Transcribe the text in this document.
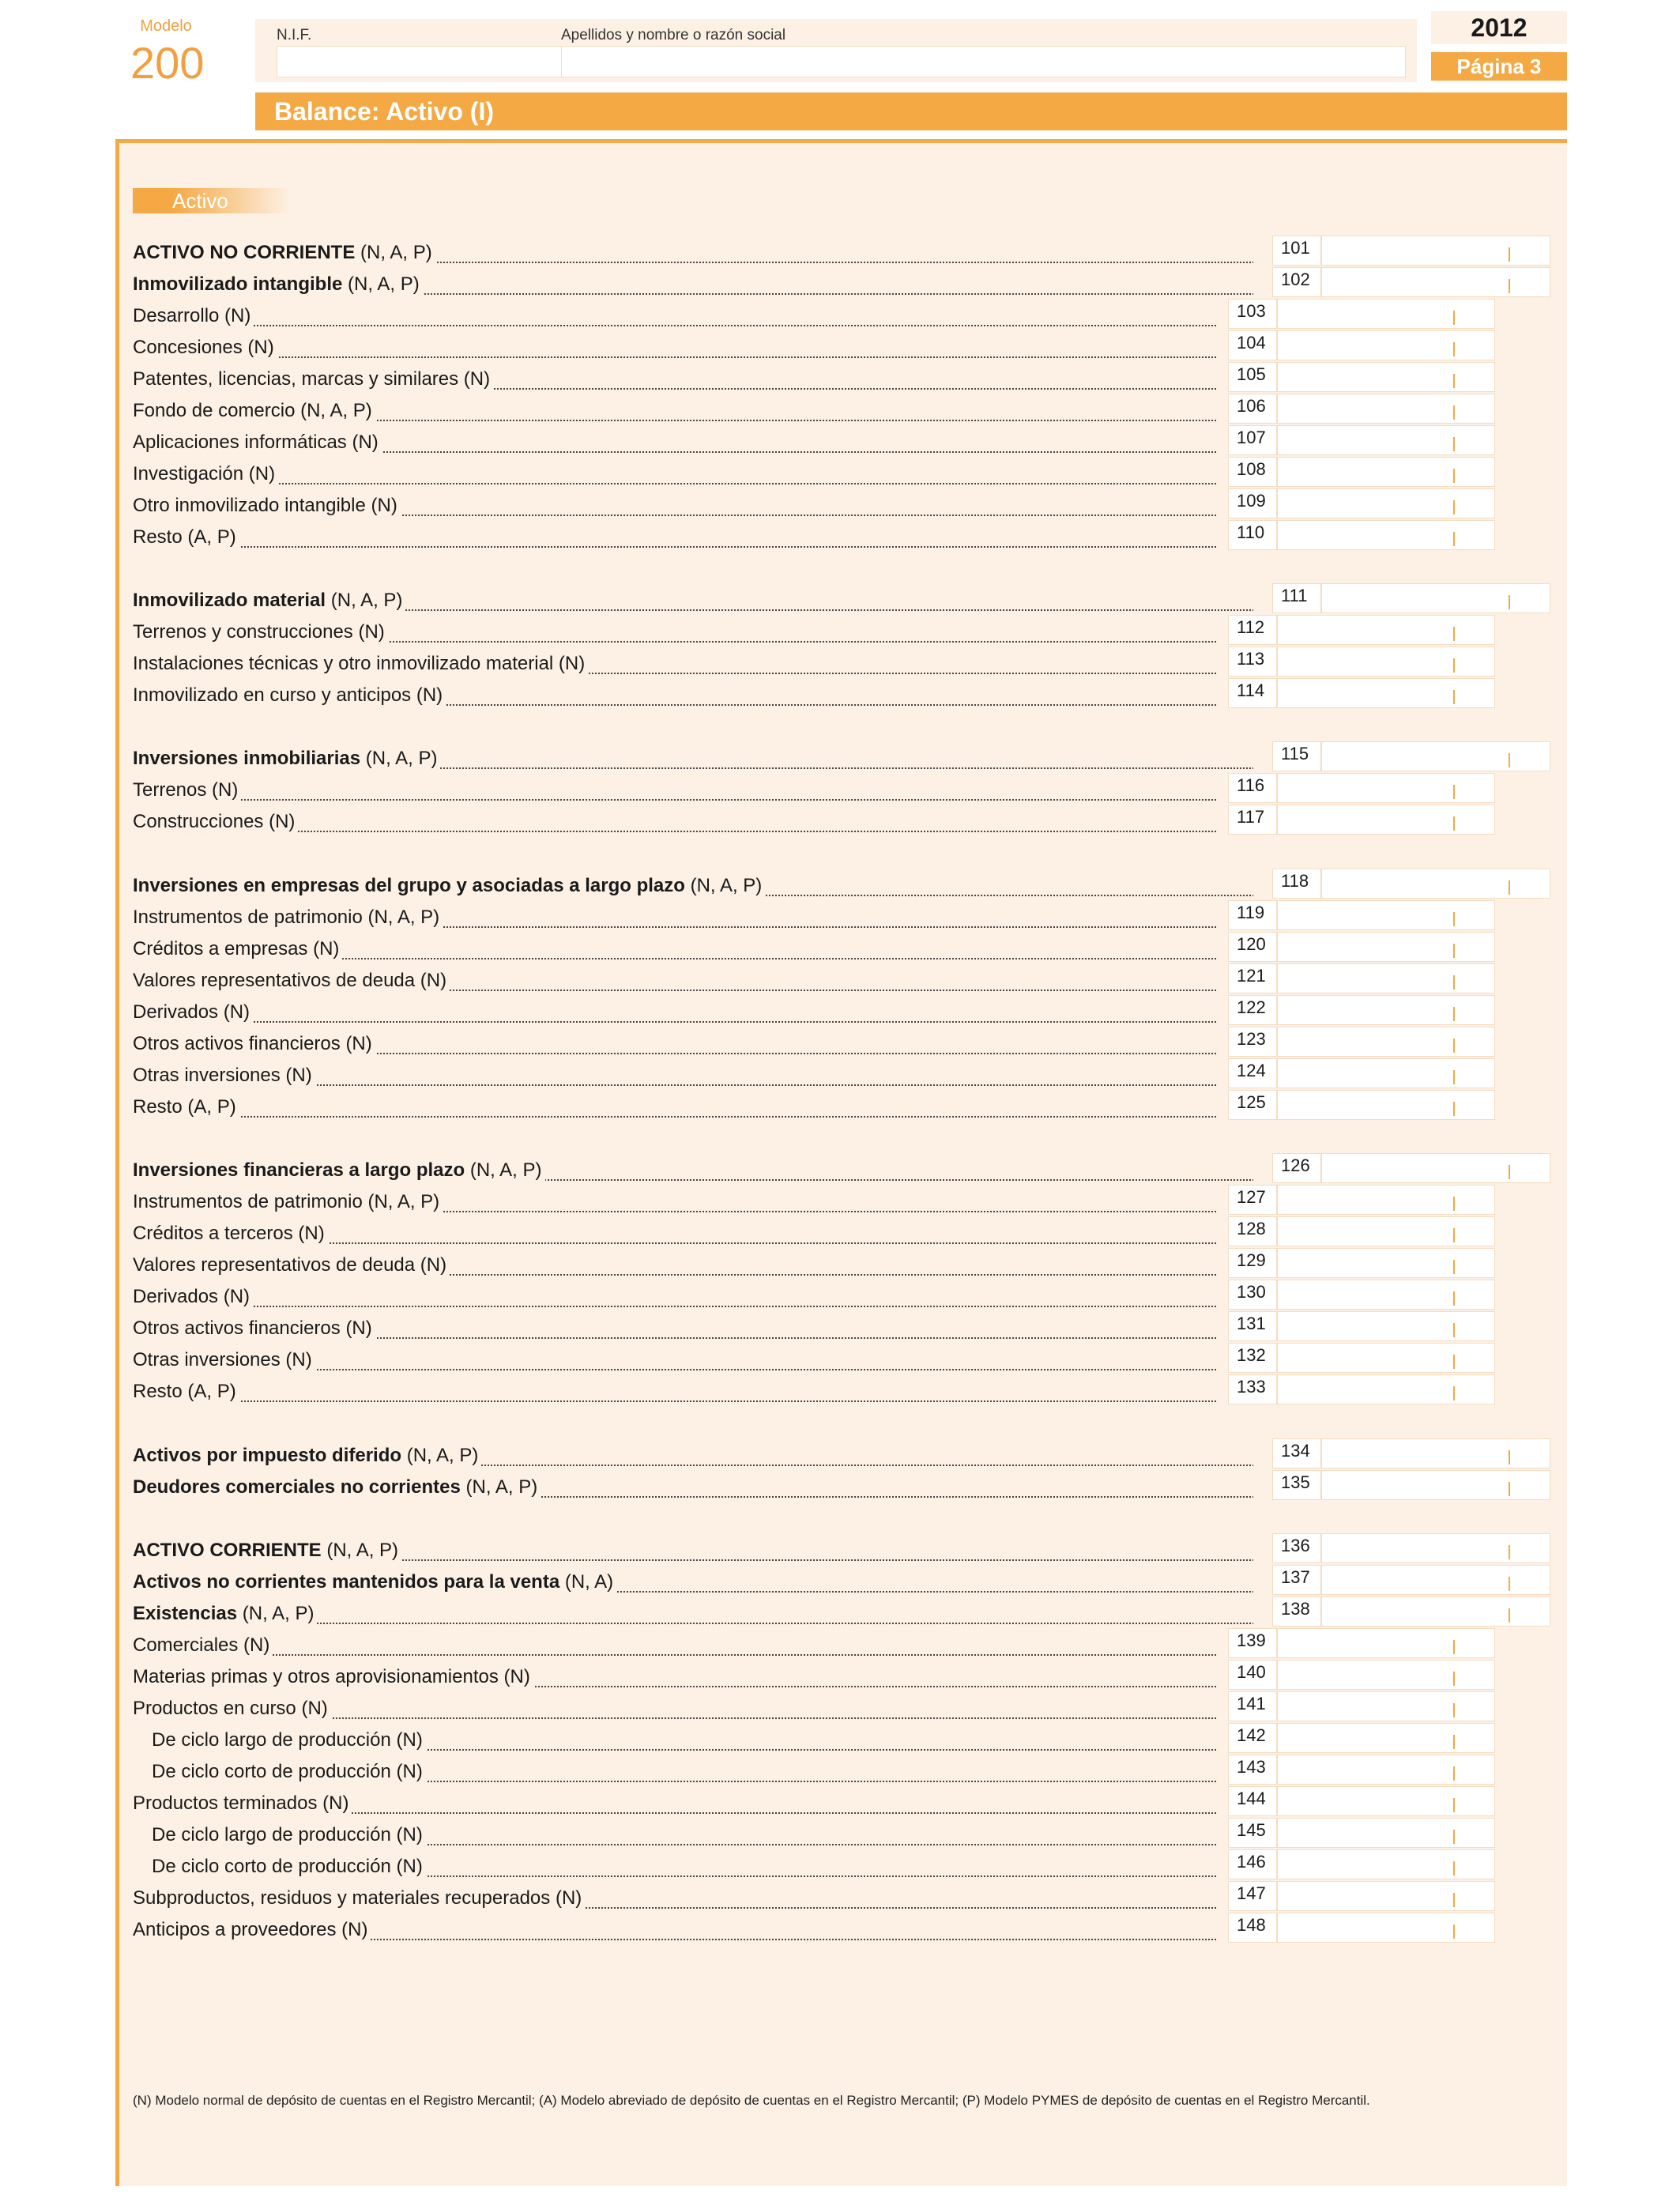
Modelo
200
N.I.F.	Apellidos y nombre o razón social	2012
Página 3
Balance: Activo (I)
Activo
ACTIVO NO CORRIENTE (N, A, P)	101
Inmovilizado intangible (N, A, P)	102
Desarrollo (N)	103
Concesiones (N)	104
Patentes, licencias, marcas y similares (N)	105
Fondo de comercio (N, A, P)	106
Aplicaciones informáticas (N)	107
Investigación (N)	108
Otro inmovilizado intangible (N)	109
Resto (A, P)	110
Inmovilizado material (N, A, P)	111
Terrenos y construcciones (N)	112
Instalaciones técnicas y otro inmovilizado material (N)	113
Inmovilizado en curso y anticipos (N)	114
Inversiones inmobiliarias (N, A, P)	115
Terrenos (N)	116
Construcciones (N)	117
Inversiones en empresas del grupo y asociadas a largo plazo (N, A, P)	118
Instrumentos de patrimonio (N, A, P)	119
Créditos a empresas (N)	120
Valores representativos de deuda (N)	121
Derivados (N)	122
Otros activos financieros (N)	123
Otras inversiones (N)	124
Resto (A, P)	125
Inversiones financieras a largo plazo (N, A, P)	126
Instrumentos de patrimonio (N, A, P)	127
Créditos a terceros (N)	128
Valores representativos de deuda (N)	129
Derivados (N)	130
Otros activos financieros (N)	131
Otras inversiones (N)	132
Resto (A, P)	133
Activos por impuesto diferido (N, A, P)	134
Deudores comerciales no corrientes (N, A, P)	135
ACTIVO CORRIENTE (N, A, P)	136
Activos no corrientes mantenidos para la venta (N, A)	137
Existencias (N, A, P)	138
Comerciales (N)	139
Materias primas y otros aprovisionamientos (N)	140
Productos en curso (N)	141
De ciclo largo de producción (N)	142
De ciclo corto de producción (N)	143
Productos terminados (N)	144
De ciclo largo de producción (N)	145
De ciclo corto de producción (N)	146
Subproductos, residuos y materiales recuperados (N)	147
Anticipos a proveedores (N)	148
(N) Modelo normal de depósito de cuentas en el Registro Mercantil; (A) Modelo abreviado de depósito de cuentas en el Registro Mercantil; (P) Modelo PYMES de depósito de cuentas en el Registro Mercantil.
